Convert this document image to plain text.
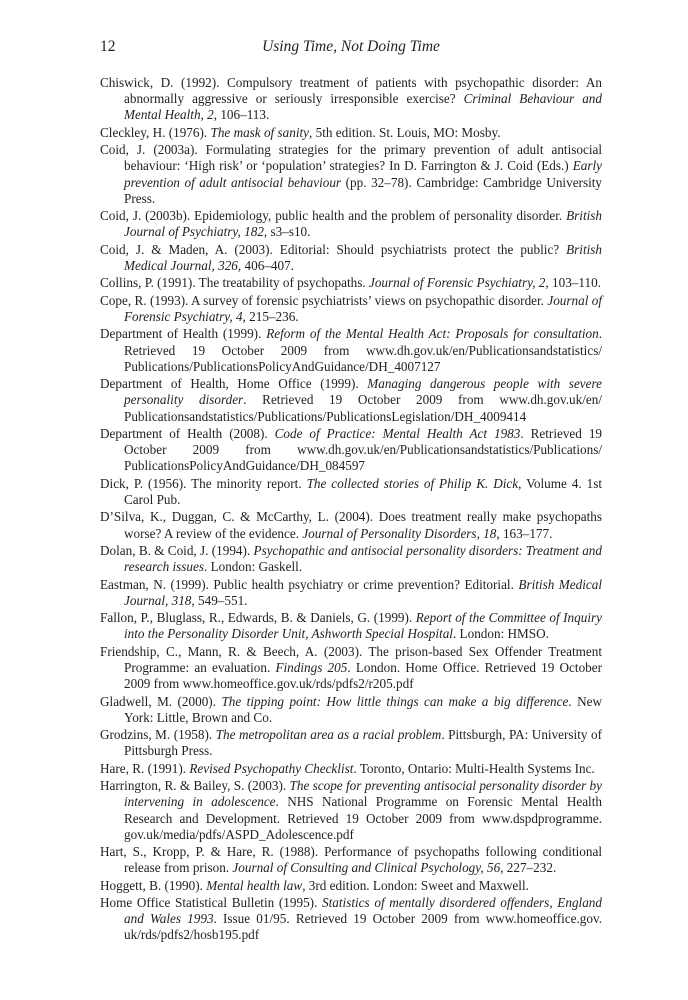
12	Using Time, Not Doing Time
Chiswick, D. (1992). Compulsory treatment of patients with psychopathic disorder: An abnormally aggressive or seriously irresponsible exercise? Criminal Behaviour and Mental Health, 2, 106–113.
Cleckley, H. (1976). The mask of sanity, 5th edition. St. Louis, MO: Mosby.
Coid, J. (2003a). Formulating strategies for the primary prevention of adult antisocial behaviour: ‘High risk’ or ‘population’ strategies? In D. Farrington & J. Coid (Eds.) Early prevention of adult antisocial behaviour (pp. 32–78). Cambridge: Cambridge University Press.
Coid, J. (2003b). Epidemiology, public health and the problem of personality disorder. British Journal of Psychiatry, 182, s3–s10.
Coid, J. & Maden, A. (2003). Editorial: Should psychiatrists protect the public? British Medical Journal, 326, 406–407.
Collins, P. (1991). The treatability of psychopaths. Journal of Forensic Psychiatry, 2, 103–110.
Cope, R. (1993). A survey of forensic psychiatrists’ views on psychopathic disorder. Journal of Forensic Psychiatry, 4, 215–236.
Department of Health (1999). Reform of the Mental Health Act: Proposals for consultation. Retrieved 19 October 2009 from www.dh.gov.uk/en/Publicationsandstatistics/ Publications/PublicationsPolicyAndGuidance/DH_4007127
Department of Health, Home Office (1999). Managing dangerous people with severe personality disorder. Retrieved 19 October 2009 from www.dh.gov.uk/en/ Publicationsandstatistics/Publications/PublicationsLegislation/DH_4009414
Department of Health (2008). Code of Practice: Mental Health Act 1983. Retrieved 19 October 2009 from www.dh.gov.uk/en/Publicationsandstatistics/Publications/ PublicationsPolicyAndGuidance/DH_084597
Dick, P. (1956). The minority report. The collected stories of Philip K. Dick, Volume 4. 1st Carol Pub.
D’Silva, K., Duggan, C. & McCarthy, L. (2004). Does treatment really make psychopaths worse? A review of the evidence. Journal of Personality Disorders, 18, 163–177.
Dolan, B. & Coid, J. (1994). Psychopathic and antisocial personality disorders: Treatment and research issues. London: Gaskell.
Eastman, N. (1999). Public health psychiatry or crime prevention? Editorial. British Medical Journal, 318, 549–551.
Fallon, P., Bluglass, R., Edwards, B. & Daniels, G. (1999). Report of the Committee of Inquiry into the Personality Disorder Unit, Ashworth Special Hospital. London: HMSO.
Friendship, C., Mann, R. & Beech, A. (2003). The prison-based Sex Offender Treatment Programme: an evaluation. Findings 205. London. Home Office. Retrieved 19 October 2009 from www.homeoffice.gov.uk/rds/pdfs2/r205.pdf
Gladwell, M. (2000). The tipping point: How little things can make a big difference. New York: Little, Brown and Co.
Grodzins, M. (1958). The metropolitan area as a racial problem. Pittsburgh, PA: University of Pittsburgh Press.
Hare, R. (1991). Revised Psychopathy Checklist. Toronto, Ontario: Multi-Health Systems Inc.
Harrington, R. & Bailey, S. (2003). The scope for preventing antisocial personality disorder by intervening in adolescence. NHS National Programme on Forensic Mental Health Research and Development. Retrieved 19 October 2009 from www.dspdprogramme. gov.uk/media/pdfs/ASPD_Adolescence.pdf
Hart, S., Kropp, P. & Hare, R. (1988). Performance of psychopaths following conditional release from prison. Journal of Consulting and Clinical Psychology, 56, 227–232.
Hoggett, B. (1990). Mental health law, 3rd edition. London: Sweet and Maxwell.
Home Office Statistical Bulletin (1995). Statistics of mentally disordered offenders, England and Wales 1993. Issue 01/95. Retrieved 19 October 2009 from www.homeoffice.gov. uk/rds/pdfs2/hosb195.pdf
